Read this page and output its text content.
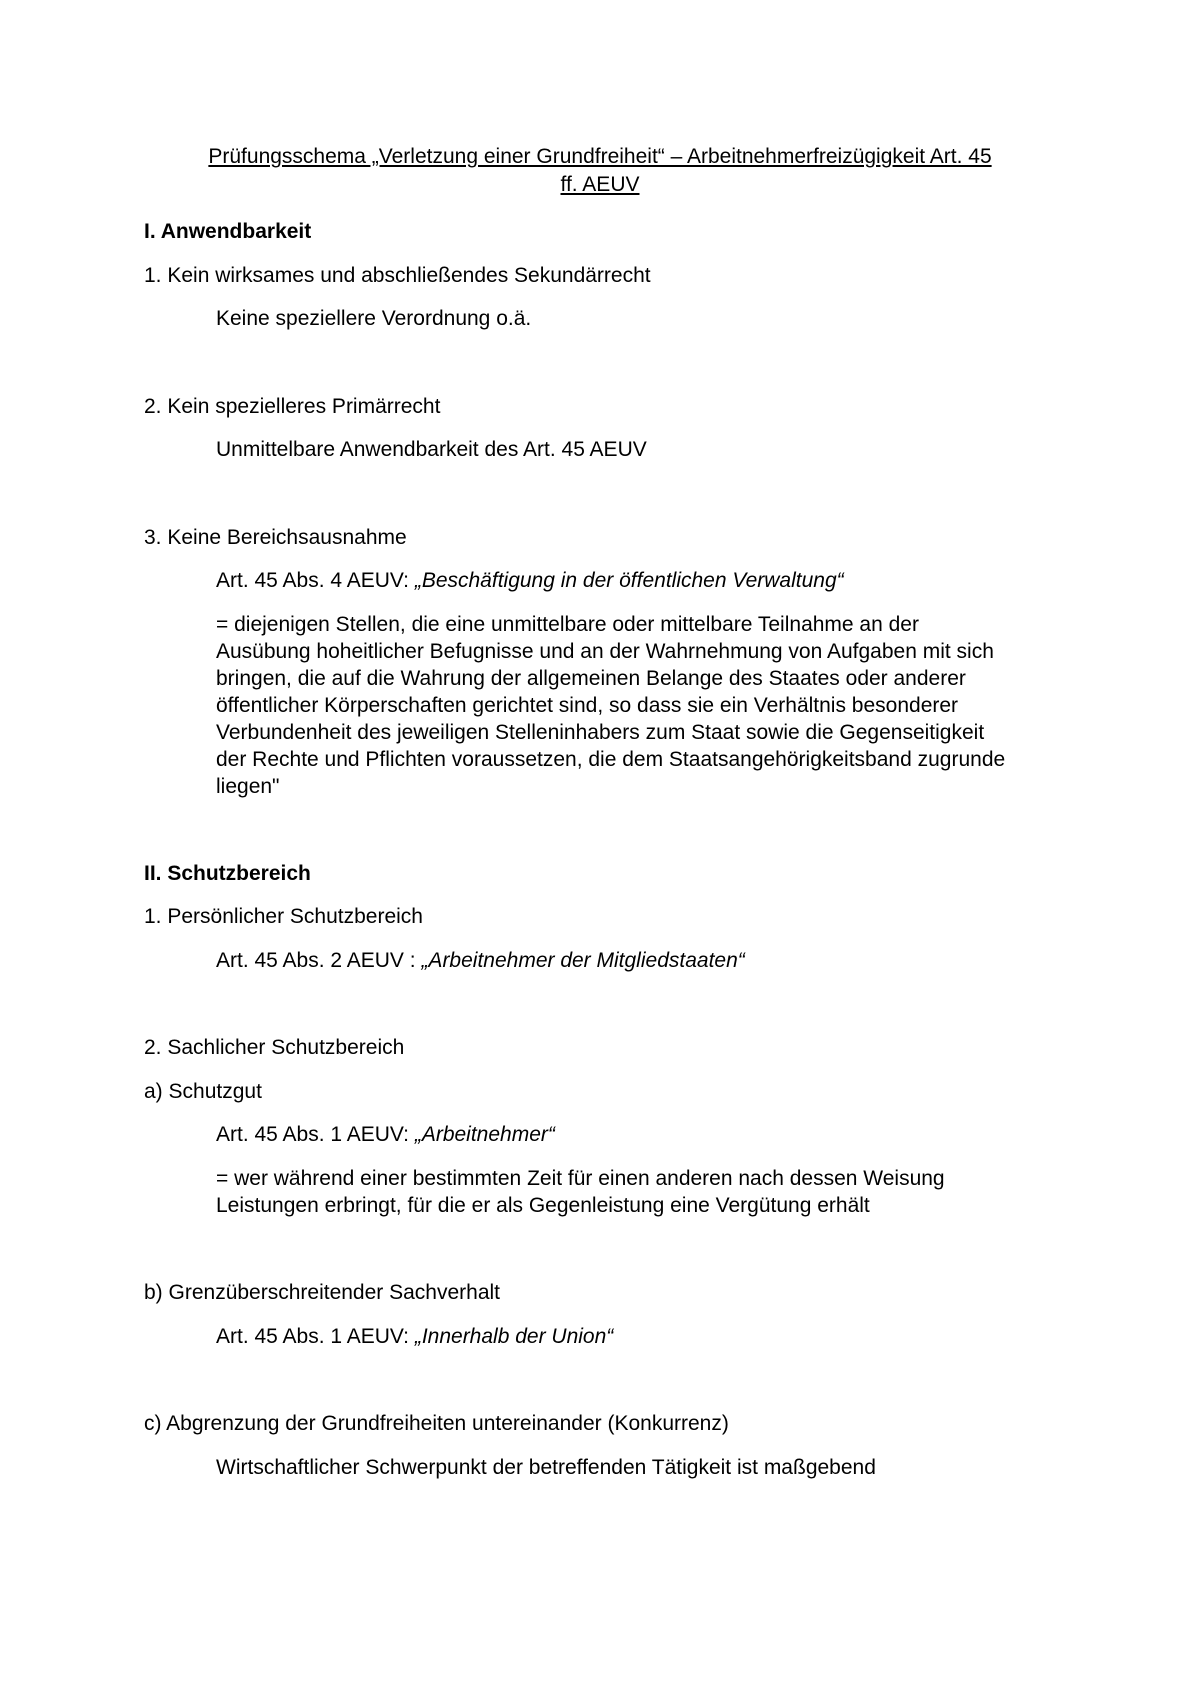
Prüfungsschema „Verletzung einer Grundfreiheit“ – Arbeitnehmerfreizügigkeit Art. 45
ff. AEUV
I. Anwendbarkeit
1. Kein wirksames und abschließendes Sekundärrecht
Keine speziellere Verordnung o.ä.
2. Kein spezielleres Primärrecht
Unmittelbare Anwendbarkeit des Art. 45 AEUV
3. Keine Bereichsausnahme
Art. 45 Abs. 4 AEUV: „Beschäftigung in der öffentlichen Verwaltung“
= diejenigen Stellen, die eine unmittelbare oder mittelbare Teilnahme an der
Ausübung hoheitlicher Befugnisse und an der Wahrnehmung von Aufgaben mit sich
bringen, die auf die Wahrung der allgemeinen Belange des Staates oder anderer
öffentlicher Körperschaften gerichtet sind, so dass sie ein Verhältnis besonderer
Verbundenheit des jeweiligen Stelleninhabers zum Staat sowie die Gegenseitigkeit
der Rechte und Pflichten voraussetzen, die dem Staatsangehörigkeitsband zugrunde
liegen"
II. Schutzbereich
1. Persönlicher Schutzbereich
Art. 45 Abs. 2 AEUV : „Arbeitnehmer der Mitgliedstaaten“
2. Sachlicher Schutzbereich
a) Schutzgut
Art. 45 Abs. 1 AEUV: „Arbeitnehmer“
= wer während einer bestimmten Zeit für einen anderen nach dessen Weisung
Leistungen erbringt, für die er als Gegenleistung eine Vergütung erhält
b) Grenzüberschreitender Sachverhalt
Art. 45 Abs. 1 AEUV: „Innerhalb der Union“
c) Abgrenzung der Grundfreiheiten untereinander (Konkurrenz)
Wirtschaftlicher Schwerpunkt der betreffenden Tätigkeit ist maßgebend
